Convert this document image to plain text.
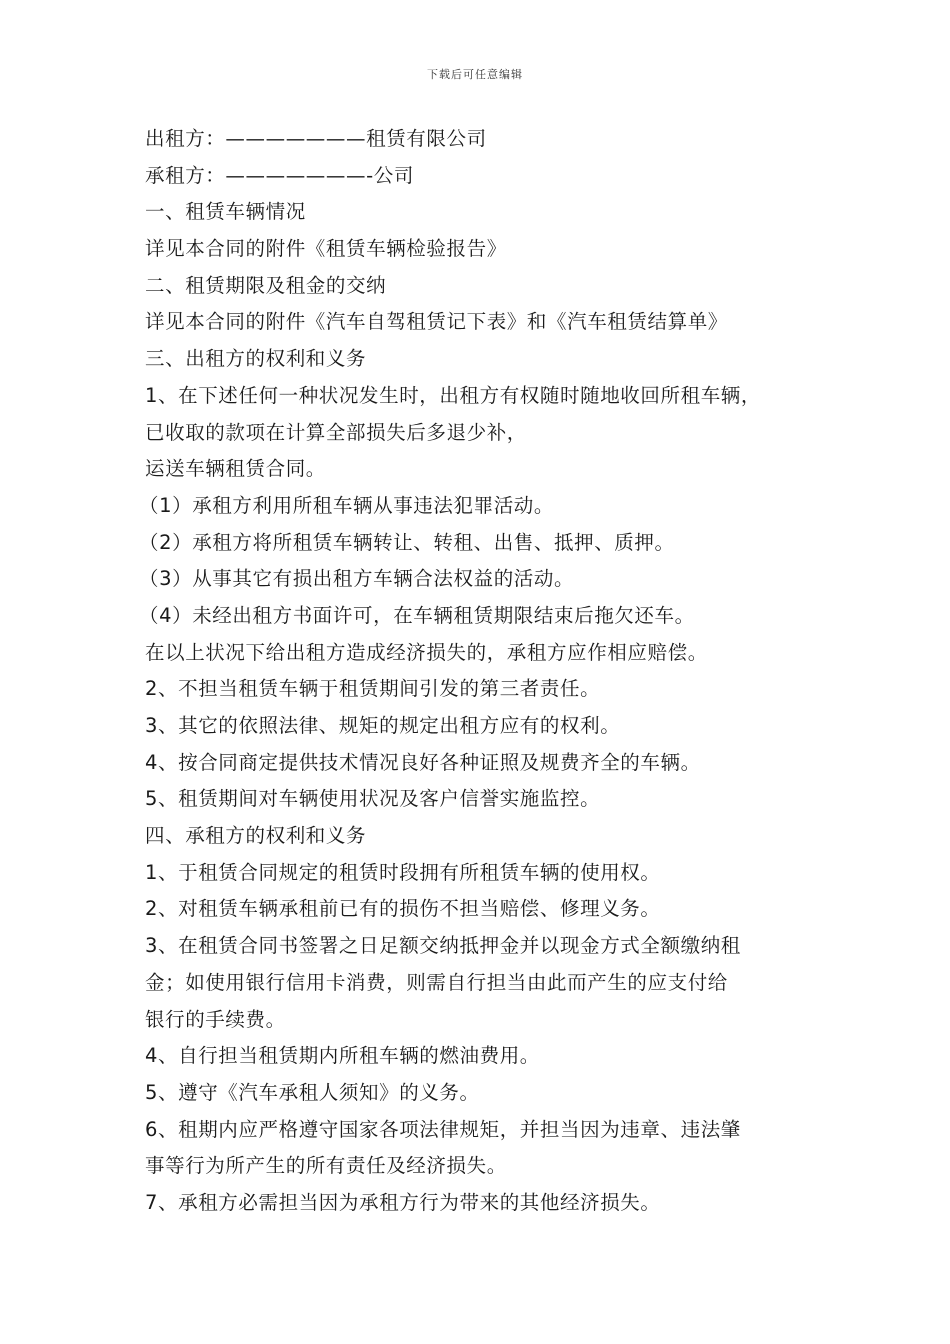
下载后可任意编辑
出租方：———————租赁有限公司
承租方：———————-公司
一、租赁车辆情况
详见本合同的附件《租赁车辆检验报告》
二、租赁期限及租金的交纳
详见本合同的附件《汽车自驾租赁记下表》和《汽车租赁结算单》
三、出租方的权利和义务
1、在下述任何一种状况发生时，出租方有权随时随地收回所租车辆，
已收取的款项在计算全部损失后多退少补，
运送车辆租赁合同。
（1）承租方利用所租车辆从事违法犯罪活动。
（2）承租方将所租赁车辆转让、转租、出售、抵押、质押。
（3）从事其它有损出租方车辆合法权益的活动。
（4）未经出租方书面许可，在车辆租赁期限结束后拖欠还车。
在以上状况下给出租方造成经济损失的，承租方应作相应赔偿。
2、不担当租赁车辆于租赁期间引发的第三者责任。
3、其它的依照法律、规矩的规定出租方应有的权利。
4、按合同商定提供技术情况良好各种证照及规费齐全的车辆。
5、租赁期间对车辆使用状况及客户信誉实施监控。
四、承租方的权利和义务
1、于租赁合同规定的租赁时段拥有所租赁车辆的使用权。
2、对租赁车辆承租前已有的损伤不担当赔偿、修理义务。
3、在租赁合同书签署之日足额交纳抵押金并以现金方式全额缴纳租
金；如使用银行信用卡消费，则需自行担当由此而产生的应支付给
银行的手续费。
4、自行担当租赁期内所租车辆的燃油费用。
5、遵守《汽车承租人须知》的义务。
6、租期内应严格遵守国家各项法律规矩，并担当因为违章、违法肇
事等行为所产生的所有责任及经济损失。
7、承租方必需担当因为承租方行为带来的其他经济损失。
